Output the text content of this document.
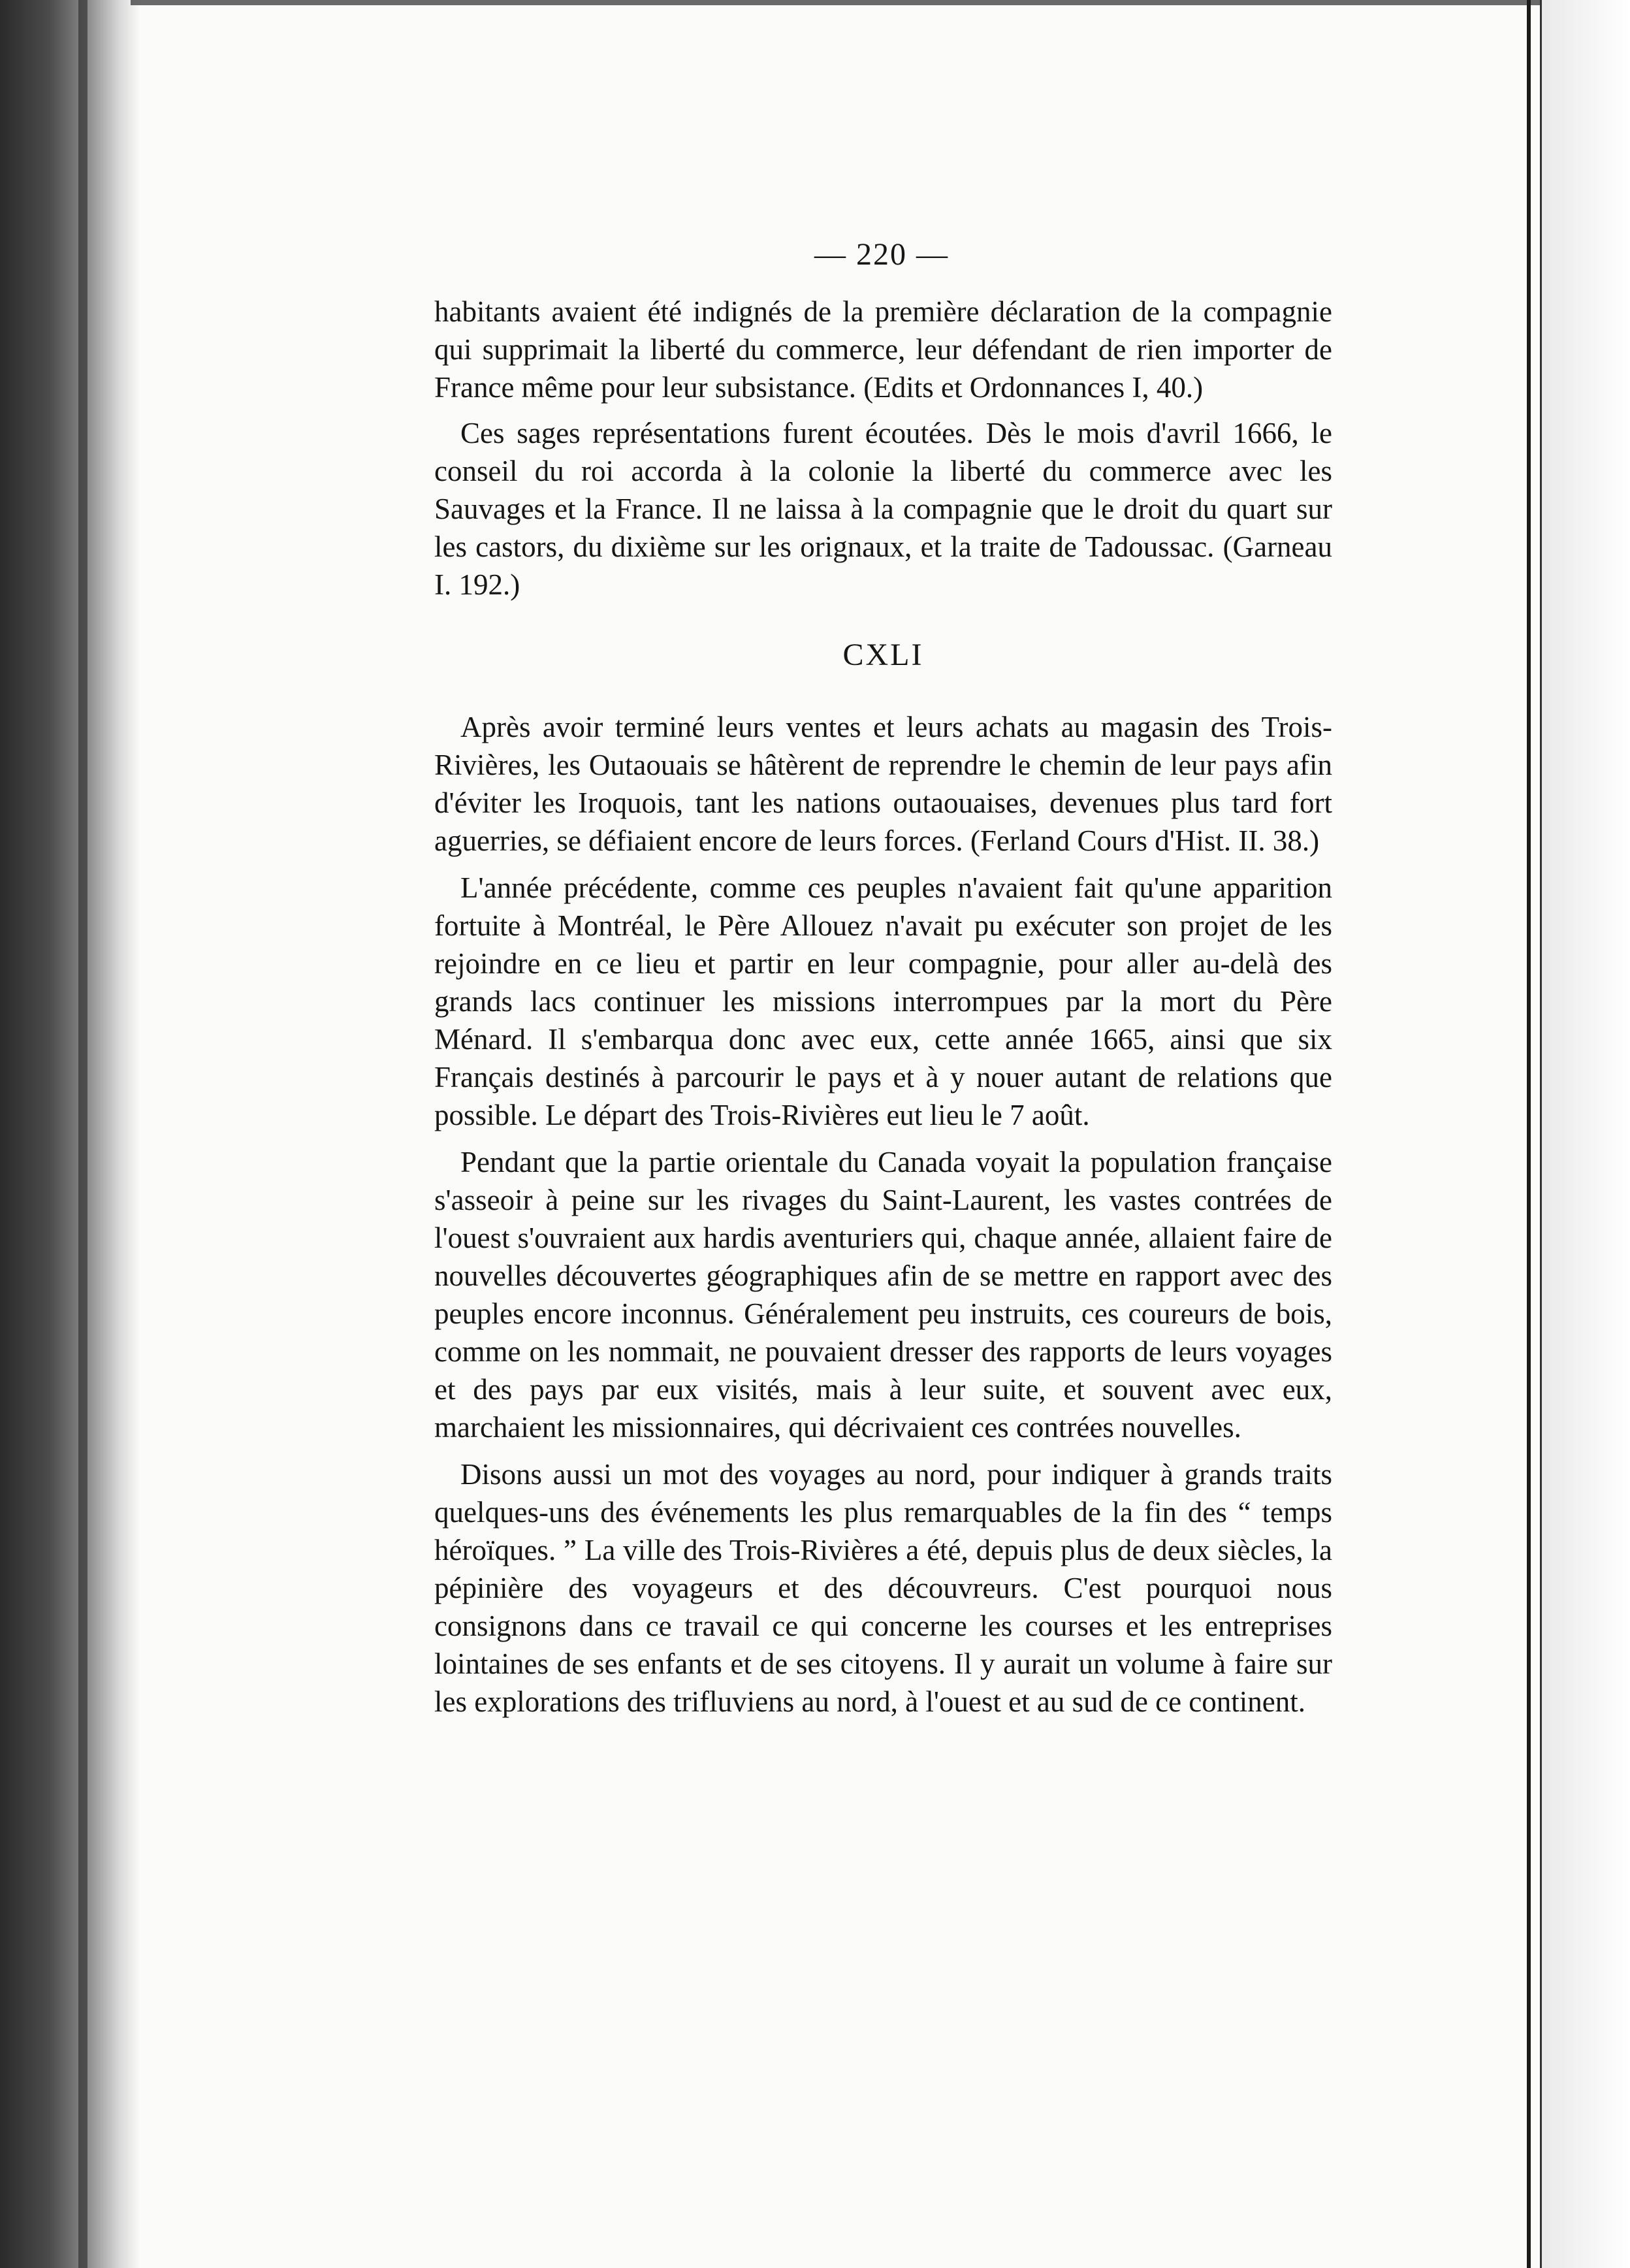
— 220 —

habitants avaient été indignés de la première déclaration de la compagnie qui supprimait la liberté du commerce, leur défendant de rien importer de France même pour leur subsistance. (Edits et Ordonnances I, 40.)

Ces sages représentations furent écoutées. Dès le mois d'avril 1666, le conseil du roi accorda à la colonie la liberté du commerce avec les Sauvages et la France. Il ne laissa à la compagnie que le droit du quart sur les castors, du dixième sur les orignaux, et la traite de Tadoussac. (Garneau I. 192.)

CXLI

Après avoir terminé leurs ventes et leurs achats au magasin des Trois-Rivières, les Outaouais se hâtèrent de reprendre le chemin de leur pays afin d'éviter les Iroquois, tant les nations outaouaises, devenues plus tard fort aguerries, se défiaient encore de leurs forces. (Ferland Cours d'Hist. II. 38.)

L'année précédente, comme ces peuples n'avaient fait qu'une apparition fortuite à Montréal, le Père Allouez n'avait pu exécuter son projet de les rejoindre en ce lieu et partir en leur compagnie, pour aller au-delà des grands lacs continuer les missions interrompues par la mort du Père Ménard. Il s'embarqua donc avec eux, cette année 1665, ainsi que six Français destinés à parcourir le pays et à y nouer autant de relations que possible. Le départ des Trois-Rivières eut lieu le 7 août.

Pendant que la partie orientale du Canada voyait la population française s'asseoir à peine sur les rivages du Saint-Laurent, les vastes contrées de l'ouest s'ouvraient aux hardis aventuriers qui, chaque année, allaient faire de nouvelles découvertes géographiques afin de se mettre en rapport avec des peuples encore inconnus. Généralement peu instruits, ces coureurs de bois, comme on les nommait, ne pouvaient dresser des rapports de leurs voyages et des pays par eux visités, mais à leur suite, et souvent avec eux, marchaient les missionnaires, qui décrivaient ces contrées nouvelles.

Disons aussi un mot des voyages au nord, pour indiquer à grands traits quelques-uns des événements les plus remarquables de la fin des “ temps héroïques. ” La ville des Trois-Rivières a été, depuis plus de deux siècles, la pépinière des voyageurs et des découvreurs. C'est pourquoi nous consignons dans ce travail ce qui concerne les courses et les entreprises lointaines de ses enfants et de ses citoyens. Il y aurait un volume à faire sur les explorations des trifluviens au nord, à l'ouest et au sud de ce continent.
